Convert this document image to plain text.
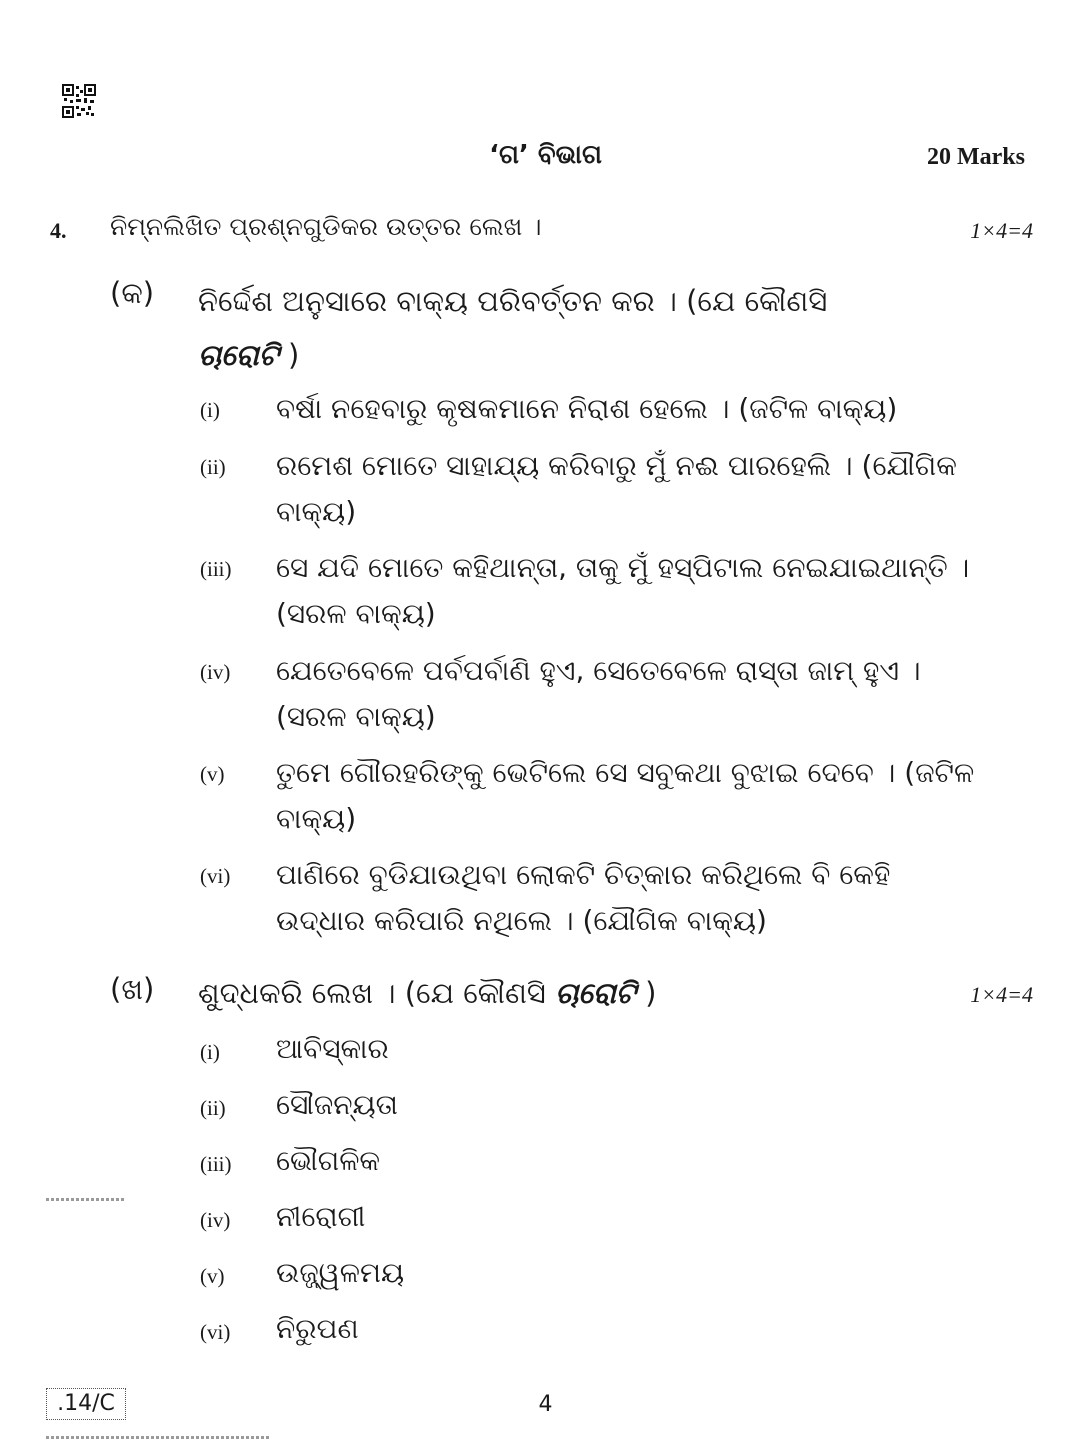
‘ଗ’ ବିଭାଗ	20 Marks
4. ନିମ୍ନଲିଖିତ ପ୍ରଶ୍ନଗୁଡିକର ଉତ୍ତର ଲେଖ ।	1×4=4
(କ) ନିର୍ଦ୍ଦେଶ ଅନୁସାରେ ବାକ୍ୟ ପରିବର୍ତ୍ତନ କର । (ଯେ କୌଣସି
ଚାରୋଟି )
(i) ବର୍ଷା ନହେବାରୁ କୃଷକମାନେ ନିରାଶ ହେଲେ । (ଜଟିଳ ବାକ୍ୟ)
(ii) ରମେଶ ମୋତେ ସାହାଯ୍ୟ କରିବାରୁ ମୁଁ ନଈ ପାରହେଲି । (ଯୌଗିକ ବାକ୍ୟ)
(iii) ସେ ଯଦି ମୋତେ କହିଥାନ୍ତା, ତାକୁ ମୁଁ ହସ୍ପିଟାଲ ନେଇଯାଇଥାନ୍ତି । (ସରଳ ବାକ୍ୟ)
(iv) ଯେତେବେଳେ ପର୍ବପର୍ବାଣି ହୁଏ, ସେତେବେଳେ ରାସ୍ତା ଜାମ୍ ହୁଏ । (ସରଳ ବାକ୍ୟ)
(v) ତୁମେ ଗୌରହରିଙ୍କୁ ଭେଟିଲେ ସେ ସବୁକଥା ବୁଝାଇ ଦେବେ । (ଜଟିଳ ବାକ୍ୟ)
(vi) ପାଣିରେ ବୁଡିଯାଉଥିବା ଲୋକଟି ଚିତ୍କାର କରିଥିଲେ ବି କେହି ଉଦ୍ଧାର କରିପାରି ନଥିଲେ । (ଯୌଗିକ ବାକ୍ୟ)
(ଖ) ଶୁଦ୍ଧକରି ଲେଖ । (ଯେ କୌଣସି ଚାରୋଟି )	1×4=4
(i) ଆବିସ୍କାର
(ii) ସୌଜନ୍ୟତା
(iii) ଭୌଗଳିକ
(iv) ନୀରୋଗୀ
(v) ଉଜ୍ଜ୍ୱଳମୟ
(vi) ନିରୁପଣ
.14/C	4
